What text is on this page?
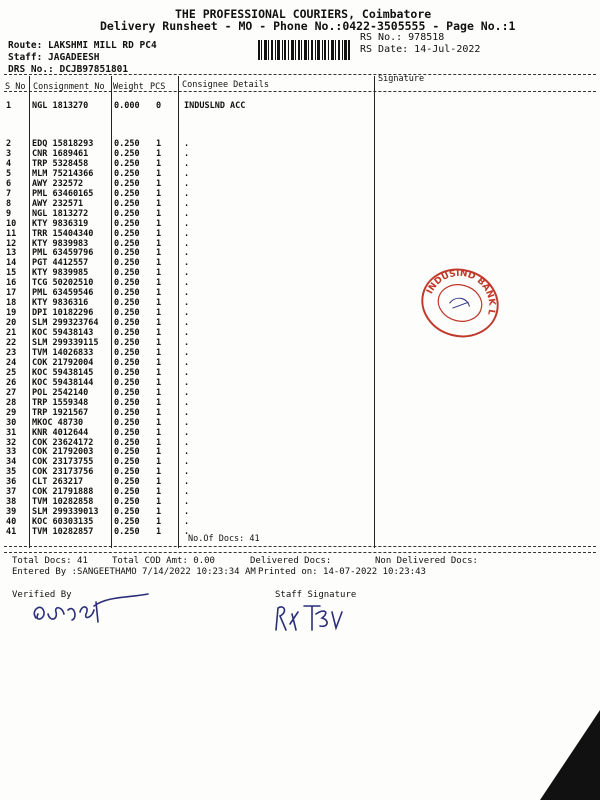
THE PROFESSIONAL COURIERS, Coimbatore
Delivery Runsheet - MO - Phone No.:0422-3505555 - Page No.:1
Route: LAKSHMI MILL RD PC4
Staff: JAGADEESH
DRS No.: DCJB97851801
RS No.: 978518
RS Date: 14-Jul-2022
S No Consignment No Weight PCS Consignee Details
Signature
1 NGL 1813270	0.000 0	INDUSLND ACC
2 EDQ 15818293 0.250 1	.
3 CNR 1689461	0.250 1	.
4 TRP 5328458	0.250 1	.
5 MLM 75214366 0.250 1	.
6 AWY 232572	0.250 1	.
7 PML 63460165 0.250 1	.
8 AWY 232571	0.250 1	.
9 NGL 1813272	0.250 1	.
10 KTY 9836319	0.250 1	.
11 TRR 15404340 0.250 1	.
12 KTY 9839983	0.250 1	.
13 PML 63459796 0.250 1	.
14 PGT 4412557	0.250 1	.
15 KTY 9839985	0.250 1	.
16 TCG 50202510 0.250 1	.
17 PML 63459546 0.250 1	.
18 KTY 9836316	0.250 1	.
19 DPI 10182296 0.250 1	.
20 SLM 299323764 0.250 1	.
21 KOC 59438143 0.250 1	.
22 SLM 299339115 0.250 1	.
23 TVM 14026833 0.250 1	.
24 COK 21792004 0.250 1	.
25 KOC 59438145 0.250 1	.
26 KOC 59438144 0.250 1	.
27 POL 2542140	0.250 1	.
28 TRP 1559348	0.250 1	.
29 TRP 1921567	0.250 1	.
30 MKOC 48730	0.250 1	.
31 KNR 4012644	0.250 1	.
32 COK 23624172 0.250 1	.
33 COK 21792003 0.250 1	.
34 COK 23173755 0.250 1	.
35 COK 23173756 0.250 1	.
36 CLT 263217	0.250 1	.
37 COK 21791888 0.250 1	.
38 TVM 10282858 0.250 1	.
39 SLM 299339013 0.250 1	.
40 KOC 60303135 0.250 1	.
41 TVM 10282857 0.250 1	.
No.Of Docs: 41
Total Docs: 41	Total COD Amt: 0.00	Delivered Docs:	Non Delivered Docs:
Entered By :SANGEETHAMO 7/14/2022 10:23:34 AM Printed on: 14-07-2022 10:23:43
Verified By	Staff Signature
INDUSIND BANK LTD.
